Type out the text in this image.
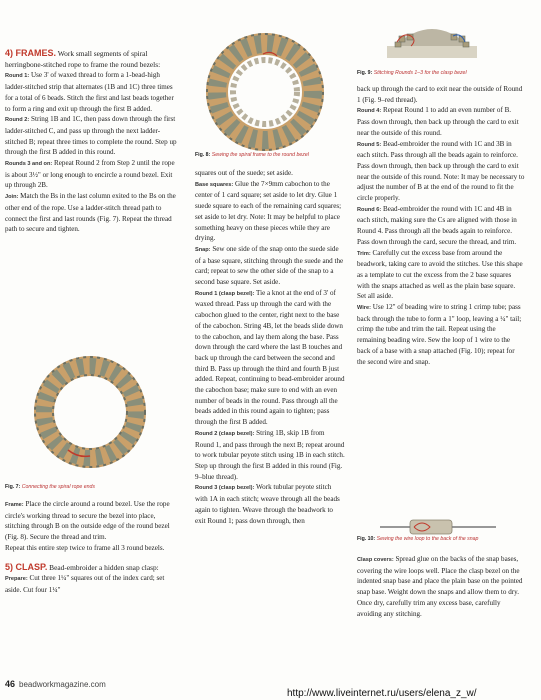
4) FRAMES. Work small segments of spiral herringbone-stitched rope to frame the round bezels:

Round 1: Use 3' of waxed thread to form a 1-bead-high ladder-stitched strip that alternates (1B and 1C) three times for a total of 6 beads. Stitch the first and last beads together to form a ring and exit up through the first B added.

Round 2: String 1B and 1C, then pass down through the first ladder-stitched C, and pass up through the next ladder-stitched B; repeat three times to complete the round. Step up through the first B added in this round.

Rounds 3 and on: Repeat Round 2 from Step 2 until the rope is about 3½" or long enough to encircle a round bezel. Exit up through 2B.

Join: Match the Bs in the last column exited to the Bs on the other end of the rope. Use a ladder-stitch thread path to connect the first and last rounds (Fig. 7). Repeat the thread path to secure and tighten.

Frame: Place the circle around a round bezel. Use the rope circle's working thread to secure the bezel into place, stitching through B on the outside edge of the round bezel (Fig. 8). Secure the thread and trim.

Repeat this entire step twice to frame all 3 round bezels.

5) CLASP. Bead-embroider a hidden snap clasp:

Prepare: Cut three 1¼" squares out of the index card; set aside. Cut four 1¼"

Fig. 7: Connecting the spiral rope ends
Fig. 8: Sewing the spiral frame to the round bezel

squares out of the suede; set aside.

Base squares: Glue the 7×9mm cabochon to the center of 1 card square; set aside to let dry. Glue 1 suede square to each of the remaining card squares; set aside to let dry. Note: It may be helpful to place something heavy on these pieces while they are drying.

Snap: Sew one side of the snap onto the suede side of a base square, stitching through the suede and the card; repeat to sew the other side of the snap to a second base square. Set aside.

Round 1 (clasp bezel): Tie a knot at the end of 3' of waxed thread. Pass up through the card with the cabochon glued to the center, right next to the base of the cabochon. String 4B, let the beads slide down to the cabochon, and lay them along the base. Pass down through the card where the last B touches and back up through the card between the second and third B. Pass up through the third and fourth B just added. Repeat, continuing to bead-embroider around the cabochon base; make sure to end with an even number of beads in the round. Pass through all the beads added in this round again to tighten; pass through the first B added.

Round 2 (clasp bezel): String 1B, skip 1B from Round 1, and pass through the next B; repeat around to work tubular peyote stitch using 1B in each stitch. Step up through the first B added in this round (Fig. 9–blue thread).

Round 3 (clasp bezel): Work tubular peyote stitch with 1A in each stitch; weave through all the beads again to tighten. Weave through the beadwork to exit Round 1; pass down through, then

Fig. 9: Stitching Rounds 1–3 for the clasp bezel

back up through the card to exit near the outside of Round 1 (Fig. 9–red thread).

Round 4: Repeat Round 1 to add an even number of B. Pass down through, then back up through the card to exit near the outside of this round.

Round 5: Bead-embroider the round with 1C and 3B in each stitch. Pass through all the beads again to reinforce. Pass down through, then back up through the card to exit near the outside of this round. Note: It may be necessary to adjust the number of B at the end of the round to fit the circle properly.

Round 6: Bead-embroider the round with 1C and 4B in each stitch, making sure the Cs are aligned with those in Round 4. Pass through all the beads again to reinforce. Pass down through the card, secure the thread, and trim.

Trim: Carefully cut the excess base from around the beadwork, taking care to avoid the stitches. Use this shape as a template to cut the excess from the 2 base squares with the snaps attached as well as the plain base square. Set all aside.

Wire: Use 12" of beading wire to string 1 crimp tube; pass back through the tube to form a 1" loop, leaving a ¼" tail; crimp the tube and trim the tail. Repeat using the remaining beading wire. Sew the loop of 1 wire to the back of a base with a snap attached (Fig. 10); repeat for the second wire and snap.

Fig. 10: Sewing the wire loop to the back of the snap

Clasp covers: Spread glue on the backs of the snap bases, covering the wire loops well. Place the clasp bezel on the indented snap base and place the plain base on the pointed snap base. Weight down the snaps and allow them to dry. Once dry, carefully trim any excess base, carefully avoiding any stitching.

46 beadworkmagazine.com
http://www.liveinternet.ru/users/elena_z_w/
